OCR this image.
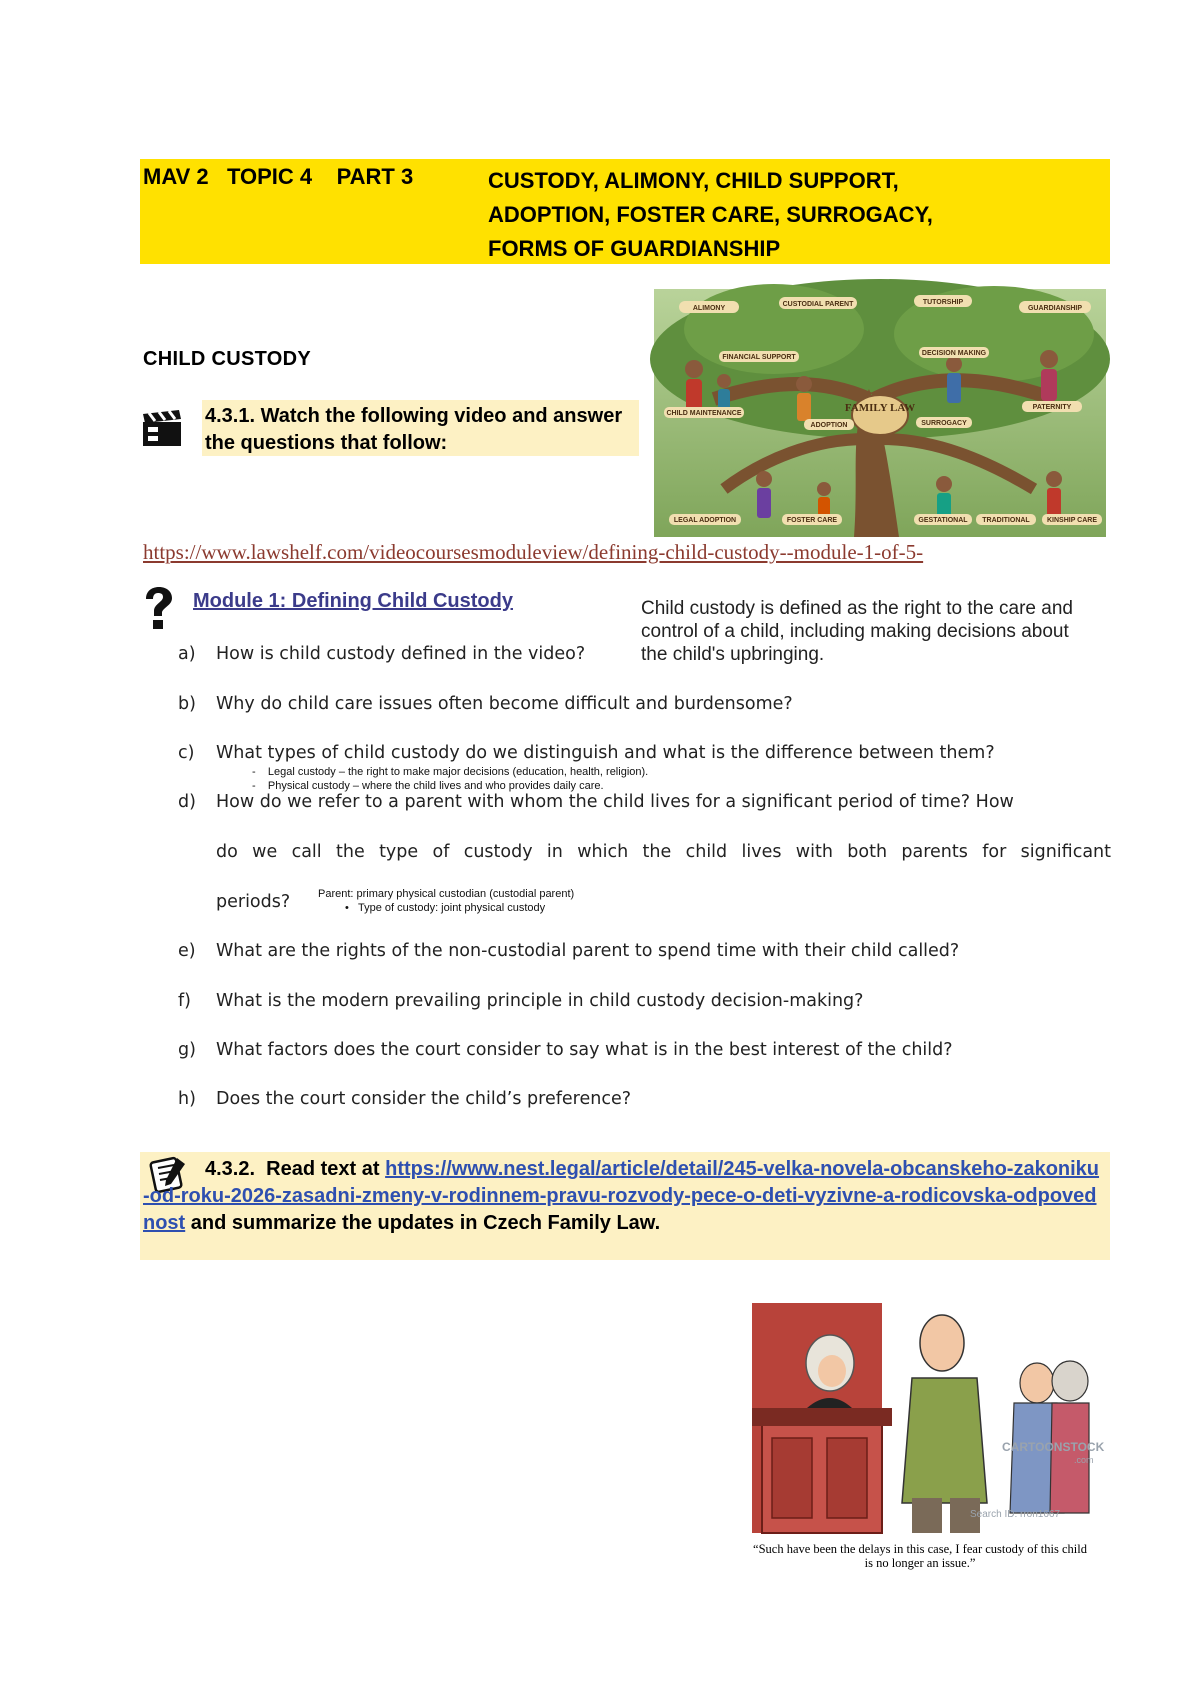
MAV 2 TOPIC 4 PART 3	CUSTODY, ALIMONY, CHILD SUPPORT,
ADOPTION, FOSTER CARE, SURROGACY,
FORMS OF GUARDIANSHIP
FAMILY LAW
ALIMONY
CUSTODIAL PARENT	TUTORSHIP
GUARDIANSHIP
FINANCIAL SUPPORT
DECISION MAKING
CHILD MAINTENANCE
ADOPTION	SURROGACY
PATERNITY
LEGAL ADOPTION	FOSTER CARE	GESTATIONAL TRADITIONAL KINSHIP CARE
CHILD CUSTODY
4.3.1. Watch the following video and answer the questions that follow:
https://www.lawshelf.com/videocoursesmoduleview/defining-child-custody--module-1-of-5-
Module 1: Defining Child Custody	Child custody is defined as the right to the care and control of a child, including making decisions about the child's upbringing.
a) How is child custody defined in the video?
b) Why do child care issues often become difficult and burdensome?
c) What types of child custody do we distinguish and what is the difference between them?
-    Legal custody – the right to make major decisions (education, health, religion).
-    Physical custody – where the child lives and who provides daily care.
d) How do we refer to a parent with whom the child lives for a significant period of time? How
do we call the type of custody in which the child lives with both parents for significant
periods?	Parent: primary physical custodian (custodial parent)
•   Type of custody: joint physical custody
e) What are the rights of the non-custodial parent to spend time with their child called?
f) What is the modern prevailing principle in child custody decision-making?
g) What factors does the court consider to say what is in the best interest of the child?
h) Does the court consider the child’s preference?
4.3.2. Read text at https://www.nest.legal/article/detail/245-velka-novela-obcanskeho-zakoniku-od-roku-2026-zasadni-zmeny-v-rodinnem-pravu-rozvody-pece-o-deti-vyzivne-a-rodicovska-odpovednost and summarize the updates in Czech Family Law.
CARTOONSTOCK
.com
Search ID: rron1667
“Such have been the delays in this case, I fear custody of this child is no longer an issue.”
